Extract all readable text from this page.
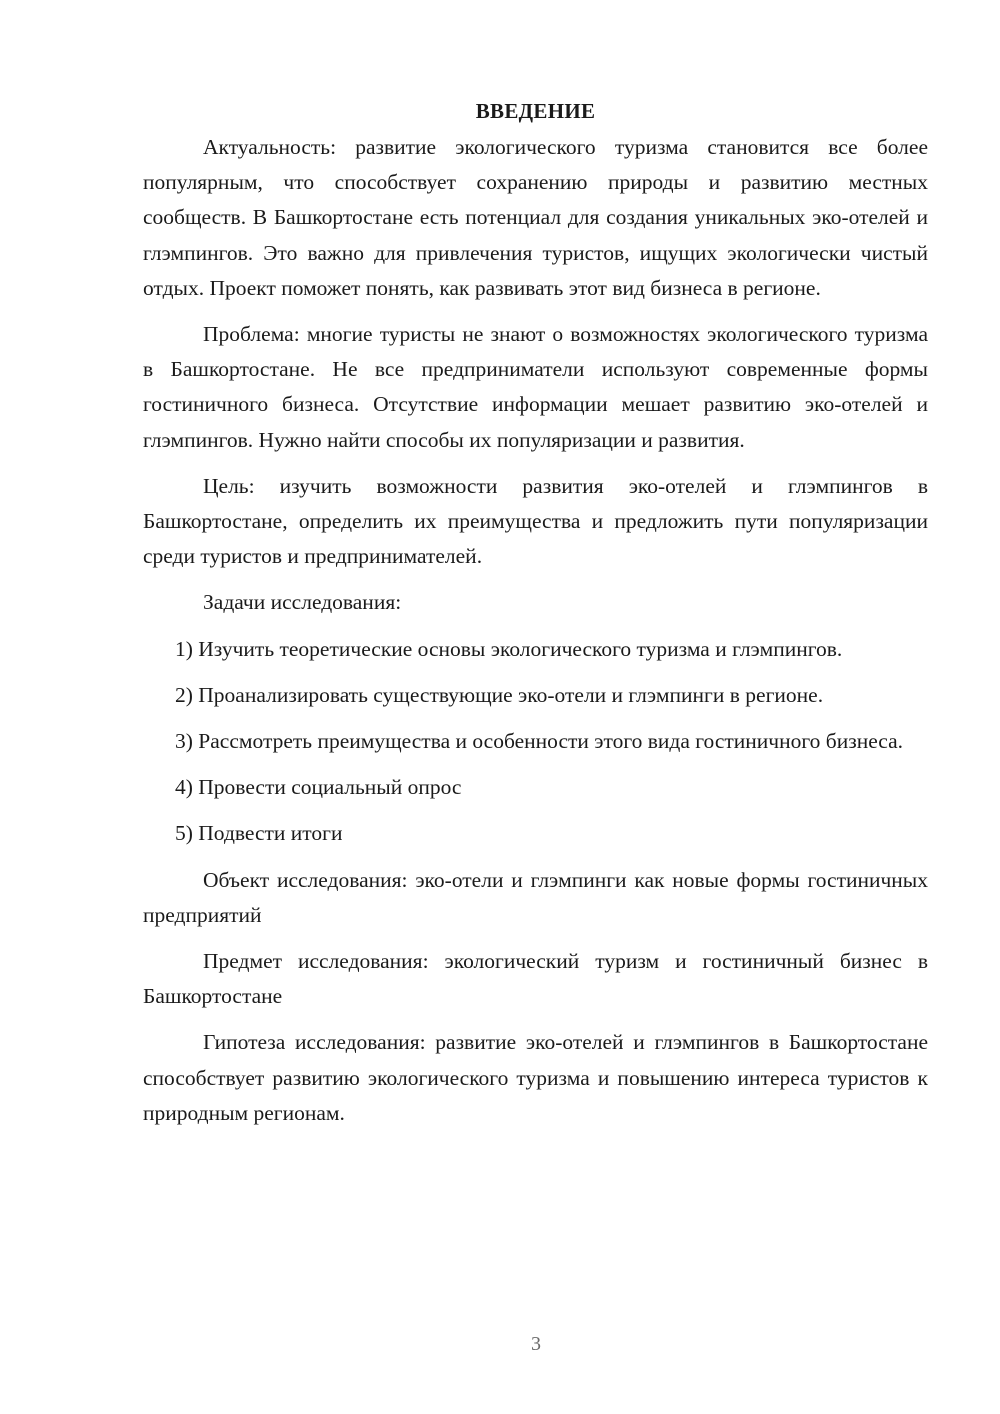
ВВЕДЕНИЕ

Актуальность: развитие экологического туризма становится все более популярным, что способствует сохранению природы и развитию местных сообществ. В Башкортостане есть потенциал для создания уникальных эко-отелей и глэмпингов. Это важно для привлечения туристов, ищущих экологически чистый отдых. Проект поможет понять, как развивать этот вид бизнеса в регионе.

Проблема: многие туристы не знают о возможностях экологического туризма в Башкортостане. Не все предприниматели используют современные формы гостиничного бизнеса. Отсутствие информации мешает развитию эко-отелей и глэмпингов. Нужно найти способы их популяризации и развития.

Цель: изучить возможности развития эко-отелей и глэмпингов в Башкортостане, определить их преимущества и предложить пути популяризации среди туристов и предпринимателей.

Задачи исследования:

1) Изучить теоретические основы экологического туризма и глэмпингов.

2) Проанализировать существующие эко-отели и глэмпинги в регионе.

3) Рассмотреть преимущества и особенности этого вида гостиничного бизнеса.

4) Провести социальный опрос

5) Подвести итоги

Объект исследования: эко-отели и глэмпинги как новые формы гостиничных предприятий

Предмет исследования: экологический туризм и гостиничный бизнес в Башкортостане

Гипотеза исследования: развитие эко-отелей и глэмпингов в Башкортостане способствует развитию экологического туризма и повышению интереса туристов к природным регионам.

3
